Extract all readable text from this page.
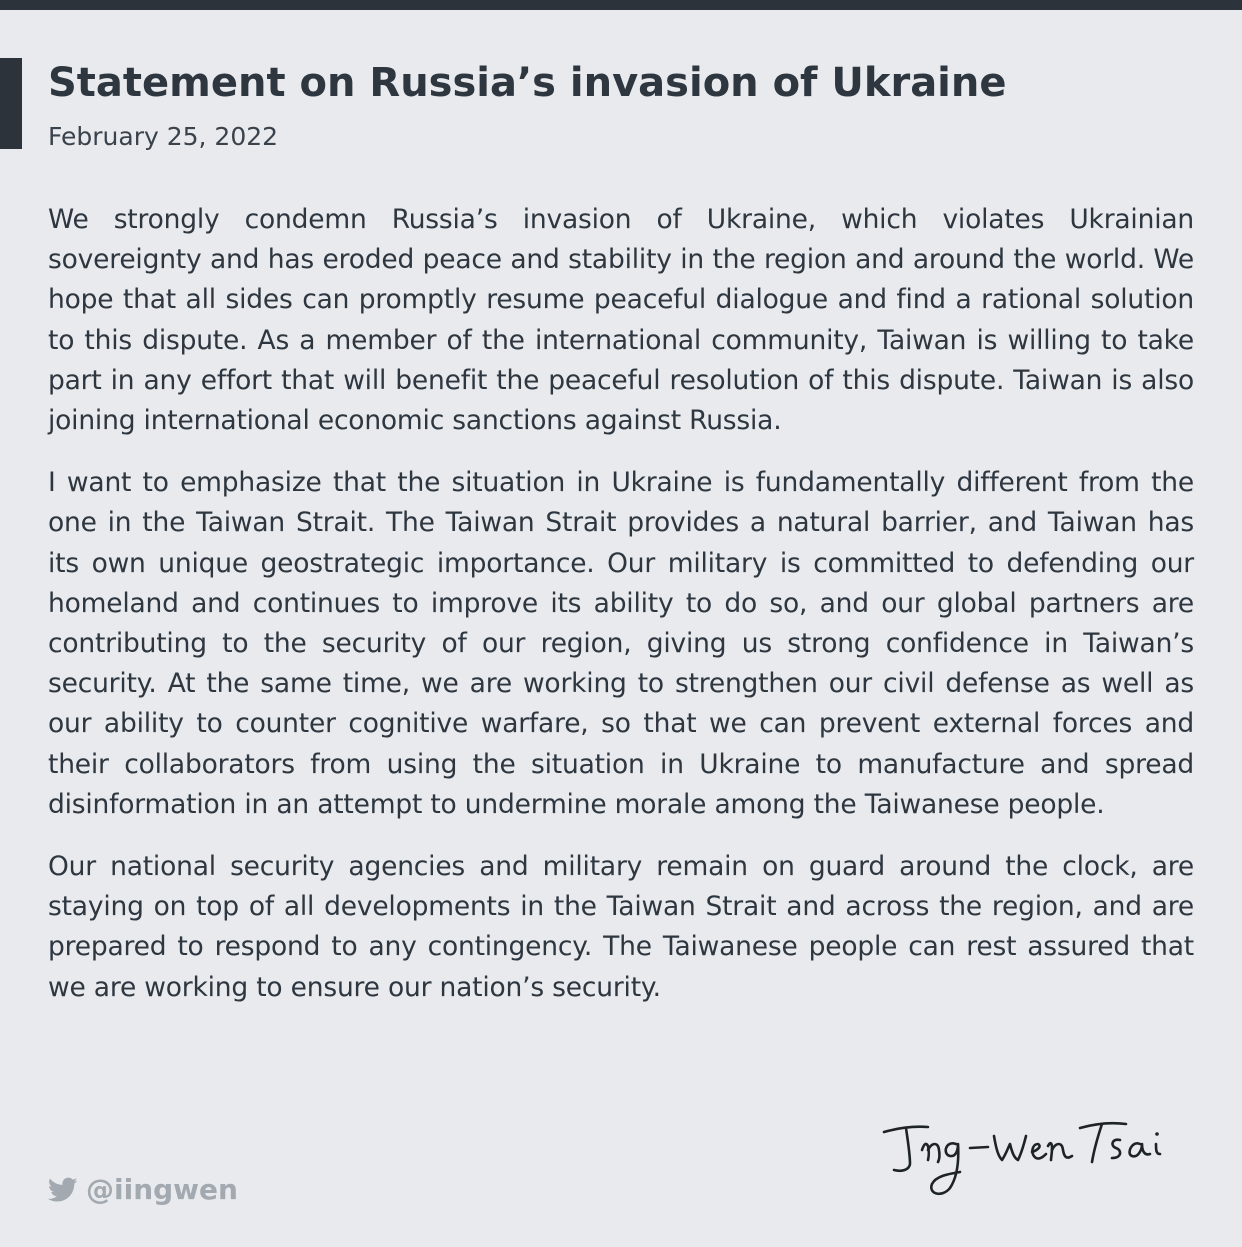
Statement on Russia’s invasion of Ukraine
February 25, 2022

We strongly condemn Russia’s invasion of Ukraine, which violates Ukrainian sovereignty and has eroded peace and stability in the region and around the world. We hope that all sides can promptly resume peaceful dialogue and find a rational solution to this dispute. As a member of the international community, Taiwan is willing to take part in any effort that will benefit the peaceful resolution of this dispute. Taiwan is also joining international economic sanctions against Russia.

I want to emphasize that the situation in Ukraine is fundamentally different from the one in the Taiwan Strait. The Taiwan Strait provides a natural barrier, and Taiwan has its own unique geostrategic importance. Our military is committed to defending our homeland and continues to improve its ability to do so, and our global partners are contributing to the security of our region, giving us strong confidence in Taiwan’s security. At the same time, we are working to strengthen our civil defense as well as our ability to counter cognitive warfare, so that we can prevent external forces and their collaborators from using the situation in Ukraine to manufacture and spread disinformation in an attempt to undermine morale among the Taiwanese people.

Our national security agencies and military remain on guard around the clock, are staying on top of all developments in the Taiwan Strait and across the region, and are prepared to respond to any contingency. The Taiwanese people can rest assured that we are working to ensure our nation’s security.

@iingwen
